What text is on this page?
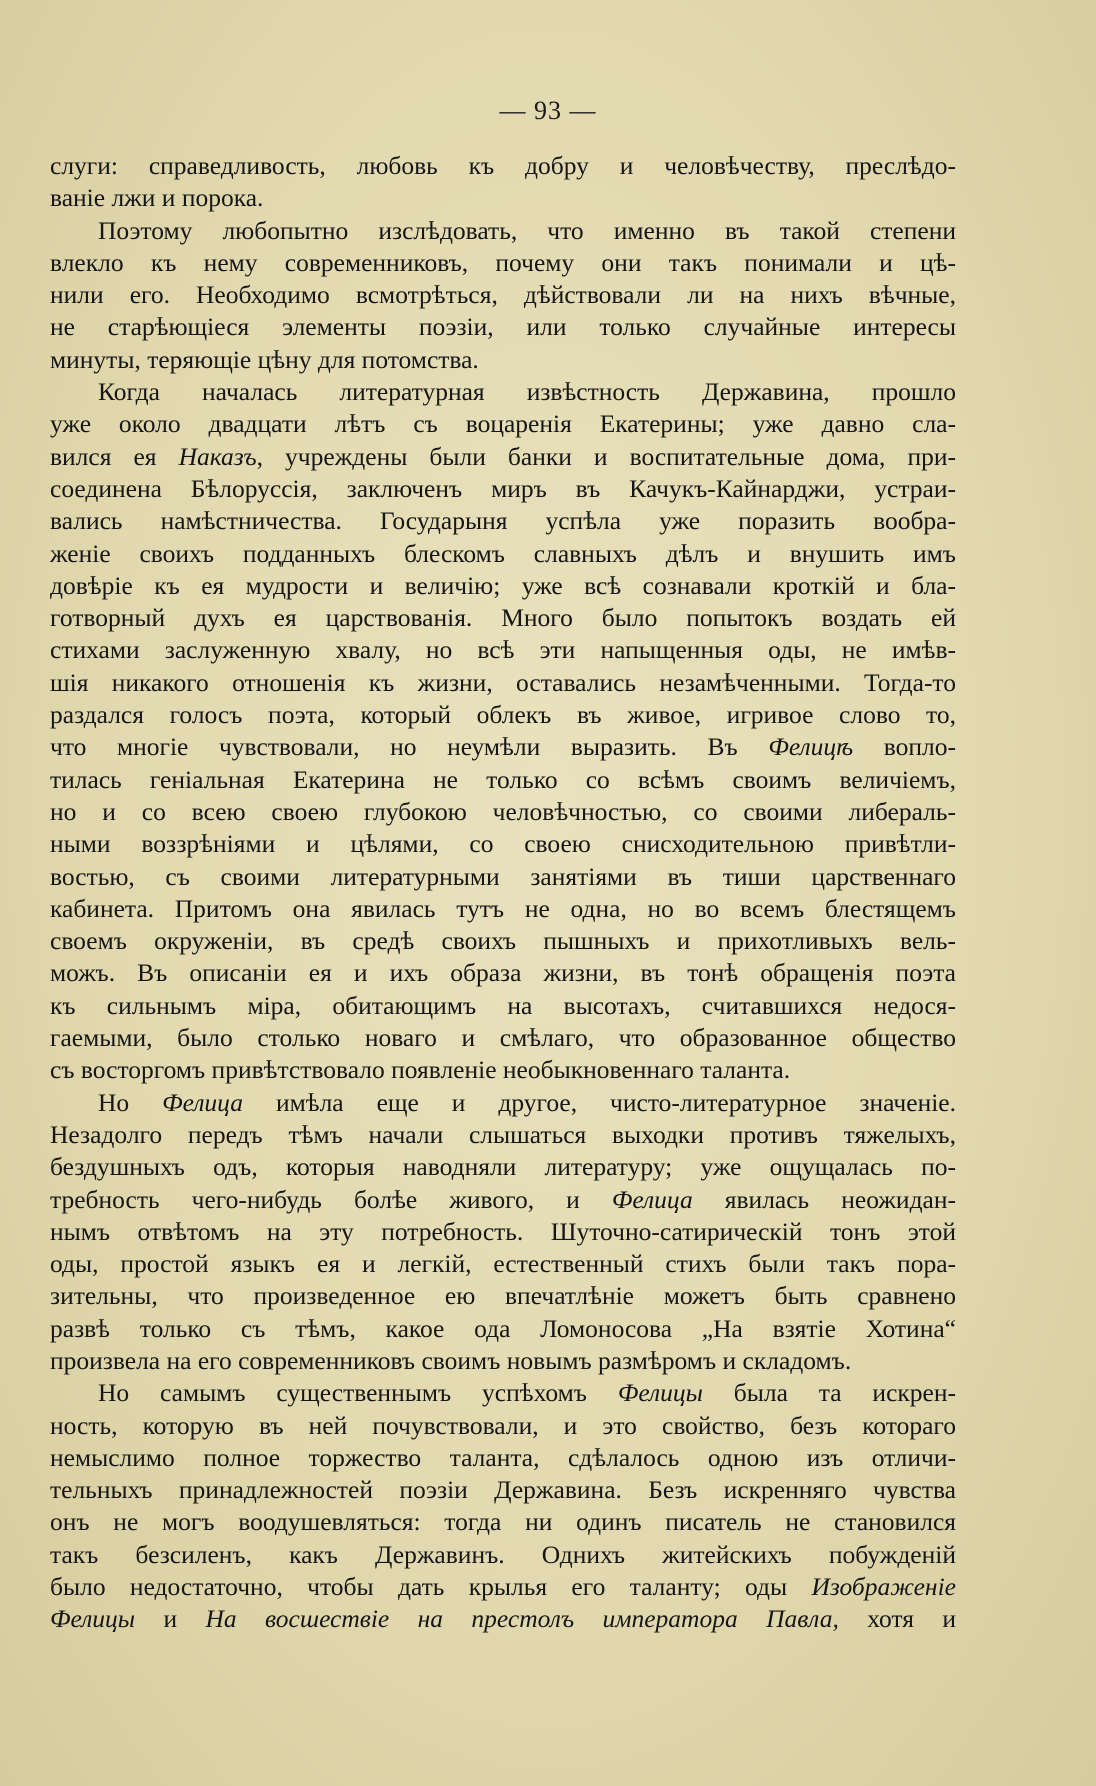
— 93 —
слуги: справедливость, любовь къ добру и человѣчеству, преслѣдо-
ваніе лжи и порока.
Поэтому любопытно изслѣдовать, что именно въ такой степени
влекло къ нему современниковъ, почему они такъ понимали и цѣ-
нили его. Необходимо всмотрѣться, дѣйствовали ли на нихъ вѣчные,
не старѣющіеся элементы поэзіи, или только случайные интересы
минуты, теряющіе цѣну для потомства.
Когда началась литературная извѣстность Державина, прошло
уже около двадцати лѣтъ съ воцаренія Екатерины; уже давно сла-
вился ея Наказъ, учреждены были банки и воспитательные дома, при-
соединена Бѣлоруссія, заключенъ миръ въ Качукъ-Кайнарджи, устраи-
вались намѣстничества. Государыня успѣла уже поразить вообра-
женіе своихъ подданныхъ блескомъ славныхъ дѣлъ и внушить имъ
довѣріе къ ея мудрости и величію; уже всѣ сознавали кроткій и бла-
готворный духъ ея царствованія. Много было попытокъ воздать ей
стихами заслуженную хвалу, но всѣ эти напыщенныя оды, не имѣв-
шія никакого отношенія къ жизни, оставались незамѣченными. Тогда-то
раздался голосъ поэта, который облекъ въ живое, игривое слово то,
что многіе чувствовали, но неумѣли выразить. Въ Фелицѣ вопло-
тилась геніальная Екатерина не только со всѣмъ своимъ величіемъ,
но и со всею своею глубокою человѣчностью, со своими либераль-
ными воззрѣніями и цѣлями, со своею снисходительною привѣтли-
востью, съ своими литературными занятіями въ тиши царственнаго
кабинета. Притомъ она явилась тутъ не одна, но во всемъ блестящемъ
своемъ окруженіи, въ средѣ своихъ пышныхъ и прихотливыхъ вель-
можъ. Въ описаніи ея и ихъ образа жизни, въ тонѣ обращенія поэта
къ сильнымъ міра, обитающимъ на высотахъ, считавшихся недося-
гаемыми, было столько новаго и смѣлаго, что образованное общество
съ восторгомъ привѣтствовало появленіе необыкновеннаго таланта.
Но Фелица имѣла еще и другое, чисто-литературное значеніе.
Незадолго передъ тѣмъ начали слышаться выходки противъ тяжелыхъ,
бездушныхъ одъ, которыя наводняли литературу; уже ощущалась по-
требность чего-нибудь болѣе живого, и Фелица явилась неожидан-
нымъ отвѣтомъ на эту потребность. Шуточно-сатирическій тонъ этой
оды, простой языкъ ея и легкій, естественный стихъ были такъ пора-
зительны, что произведенное ею впечатлѣніе можетъ быть сравнено
развѣ только съ тѣмъ, какое ода Ломоносова „На взятіе Хотина“
произвела на его современниковъ своимъ новымъ размѣромъ и складомъ.
Но самымъ существеннымъ успѣхомъ Фелицы была та искрен-
ность, которую въ ней почувствовали, и это свойство, безъ котораго
немыслимо полное торжество таланта, сдѣлалось одною изъ отличи-
тельныхъ принадлежностей поэзіи Державина. Безъ искренняго чувства
онъ не могъ воодушевляться: тогда ни одинъ писатель не становился
такъ безсиленъ, какъ Державинъ. Однихъ житейскихъ побужденій
было недостаточно, чтобы дать крылья его таланту; оды Изображеніе
Фелицы и На восшествіе на престолъ императора Павла, хотя и
